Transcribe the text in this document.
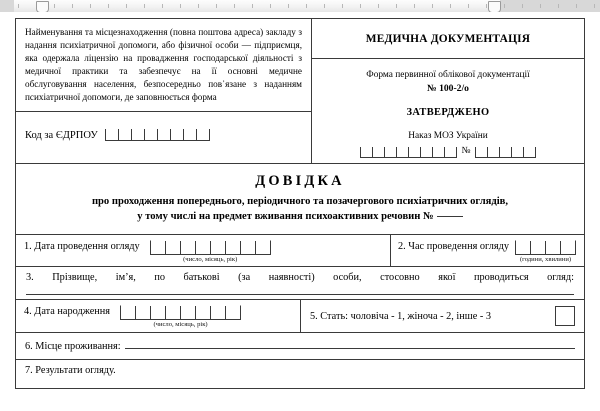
Найменування та місцезнаходження (повна поштова адреса) закладу з надання психіатричної допомоги, або фізичної особи — підприємця, яка одержала ліцензію на провадження господарської діяльності з медичної практики та забезпечує на її основні медичне обслуговування населення, безпосередньо пов᾿язане з наданням психіатричної допомоги, де заповнюється форма
Код за ЄДРПОУ
МЕДИЧНА ДОКУМЕНТАЦІЯ
Форма первинної облікової документації
№ 100-2/о
ЗАТВЕРДЖЕНО
Наказ МОЗ України
№
ДОВІДКА
про проходження попереднього, періодичного та позачергового психіатричних оглядів,
у тому числі на предмет вживання психоактивних речовин №
1. Дата проведення огляду
(число, місяць, рік)
2. Час проведення огляду
(години, хвилини)
3. Прізвище, ім’я, по батькові (за наявності) особи, стосовно якої проводиться огляд:
4. Дата народження
(число, місяць, рік)
5. Стать: чоловіча - 1, жіноча - 2, інше - 3
6. Місце проживання:
7. Результати огляду.
